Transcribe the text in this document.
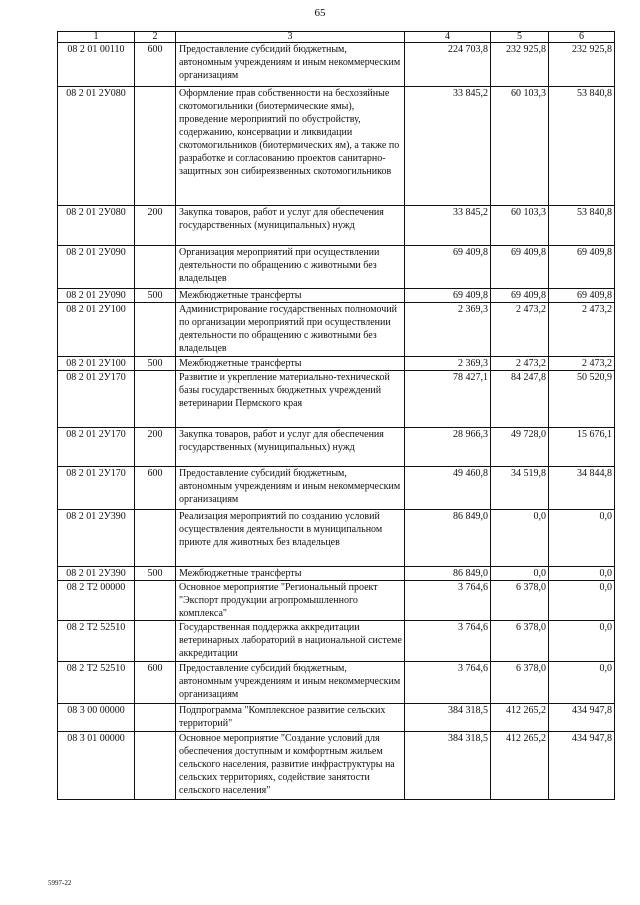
65
1	2	3	4	5	6
08 2 01 00110	600	Предоставление субсидий бюджетным, автономным учреждениям и иным некоммерческим организациям	224 703,8	232 925,8	232 925,8
08 2 01 2У080		Оформление прав собственности на бесхозяйные скотомогильники (биотермические ямы), проведение мероприятий по обустройству, содержанию, консервации и ликвидации скотомогильников (биотермических ям), а также по разработке и согласованию проектов санитарно-защитных зон сибиреязвенных скотомогильников	33 845,2	60 103,3	53 840,8
08 2 01 2У080	200	Закупка товаров, работ и услуг для обеспечения государственных (муниципальных) нужд	33 845,2	60 103,3	53 840,8
08 2 01 2У090		Организация мероприятий при осуществлении деятельности по обращению с животными без владельцев	69 409,8	69 409,8	69 409,8
08 2 01 2У090	500	Межбюджетные трансферты	69 409,8	69 409,8	69 409,8
08 2 01 2У100		Администрирование государственных полномочий по организации мероприятий при осуществлении деятельности по обращению с животными без владельцев	2 369,3	2 473,2	2 473,2
08 2 01 2У100	500	Межбюджетные трансферты	2 369,3	2 473,2	2 473,2
08 2 01 2У170		Развитие и укрепление материально-технической базы государственных бюджетных учреждений ветеринарии Пермского края	78 427,1	84 247,8	50 520,9
08 2 01 2У170	200	Закупка товаров, работ и услуг для обеспечения государственных (муниципальных) нужд	28 966,3	49 728,0	15 676,1
08 2 01 2У170	600	Предоставление субсидий бюджетным, автономным учреждениям и иным некоммерческим организациям	49 460,8	34 519,8	34 844,8
08 2 01 2У390		Реализация мероприятий по созданию условий осуществления деятельности в муниципальном приюте для животных без владельцев	86 849,0	0,0	0,0
08 2 01 2У390	500	Межбюджетные трансферты	86 849,0	0,0	0,0
08 2 Т2 00000		Основное мероприятие "Региональный проект "Экспорт продукции агропромышленного комплекса"	3 764,6	6 378,0	0,0
08 2 Т2 52510		Государственная поддержка аккредитации ветеринарных лабораторий в национальной системе аккредитации	3 764,6	6 378,0	0,0
08 2 Т2 52510	600	Предоставление субсидий бюджетным, автономным учреждениям и иным некоммерческим организациям	3 764,6	6 378,0	0,0
08 3 00 00000		Подпрограмма "Комплексное развитие сельских территорий"	384 318,5	412 265,2	434 947,8
08 3 01 00000		Основное мероприятие "Создание условий для обеспечения доступным и комфортным жильем сельского населения, развитие инфраструктуры на сельских территориях, содействие занятости сельского населения"	384 318,5	412 265,2	434 947,8
5997-22
